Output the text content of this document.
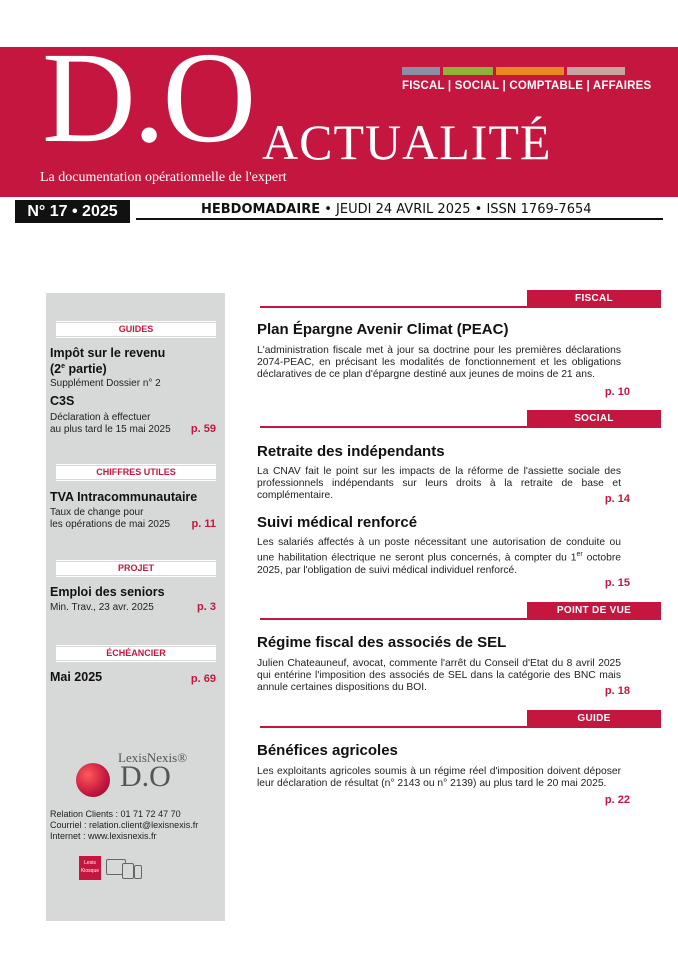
FISCAL | SOCIAL | COMPTABLE | AFFAIRES
D.O ACTUALITÉ
La documentation opérationnelle de l'expert
N° 17 • 2025	HEBDOMADAIRE • JEUDI 24 AVRIL 2025 • ISSN 1769-7654
GUIDES
Impôt sur le revenu
(2e partie)
Supplément Dossier n° 2
C3S
Déclaration à effectuer
au plus tard le 15 mai 2025	p. 59
CHIFFRES UTILES
TVA Intracommunautaire
Taux de change pour
les opérations de mai 2025	p. 11
PROJET
Emploi des seniors
Min. Trav., 23 avr. 2025	p. 3
ÉCHÉANCIER
Mai 2025	p. 69
LexisNexis®
D.O
Relation Clients : 01 71 72 47 70
Courriel : relation.client@lexisnexis.fr
Internet : www.lexisnexis.fr
Lexis Kiosque
FISCAL
Plan Épargne Avenir Climat (PEAC)
L'administration fiscale met à jour sa doctrine pour les premières déclarations 2074-PEAC, en précisant les modalités de fonctionnement et les obligations déclaratives de ce plan d'épargne destiné aux jeunes de moins de 21 ans.
p. 10
SOCIAL
Retraite des indépendants
La CNAV fait le point sur les impacts de la réforme de l'assiette sociale des professionnels indépendants sur leurs droits à la retraite de base et complémentaire.	p. 14
Suivi médical renforcé
Les salariés affectés à un poste nécessitant une autorisation de conduite ou une habilitation électrique ne seront plus concernés, à compter du 1er octobre 2025, par l'obligation de suivi médical individuel renforcé.
p. 15
POINT DE VUE
Régime fiscal des associés de SEL
Julien Chateauneuf, avocat, commente l'arrêt du Conseil d'Etat du 8 avril 2025 qui entérine l'imposition des associés de SEL dans la catégorie des BNC mais annule certaines dispositions du BOI.	p. 18
GUIDE
Bénéfices agricoles
Les exploitants agricoles soumis à un régime réel d'imposition doivent déposer leur déclaration de résultat (n° 2143 ou n° 2139) au plus tard le 20 mai 2025.
p. 22
